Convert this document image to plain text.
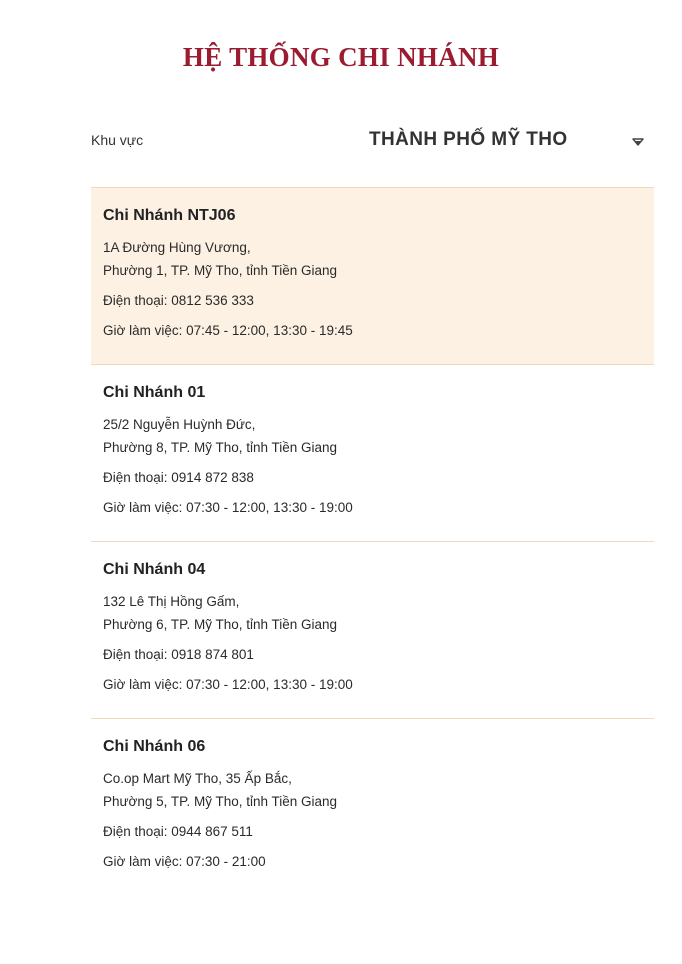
HỆ THỐNG CHI NHÁNH
Khu vực	THÀNH PHỐ MỸ THO
Chi Nhánh NTJ06
1A Đường Hùng Vương,
Phường 1, TP. Mỹ Tho, tỉnh Tiền Giang
Điện thoại: 0812 536 333
Giờ làm việc: 07:45 - 12:00, 13:30 - 19:45
Chi Nhánh 01
25/2 Nguyễn Huỳnh Đức,
Phường 8, TP. Mỹ Tho, tỉnh Tiền Giang
Điện thoại: 0914 872 838
Giờ làm việc: 07:30 - 12:00, 13:30 - 19:00
Chi Nhánh 04
132 Lê Thị Hồng Gấm,
Phường 6, TP. Mỹ Tho, tỉnh Tiền Giang
Điện thoại: 0918 874 801
Giờ làm việc: 07:30 - 12:00, 13:30 - 19:00
Chi Nhánh 06
Co.op Mart Mỹ Tho, 35 Ấp Bắc,
Phường 5, TP. Mỹ Tho, tỉnh Tiền Giang
Điện thoại: 0944 867 511
Giờ làm việc: 07:30 - 21:00
